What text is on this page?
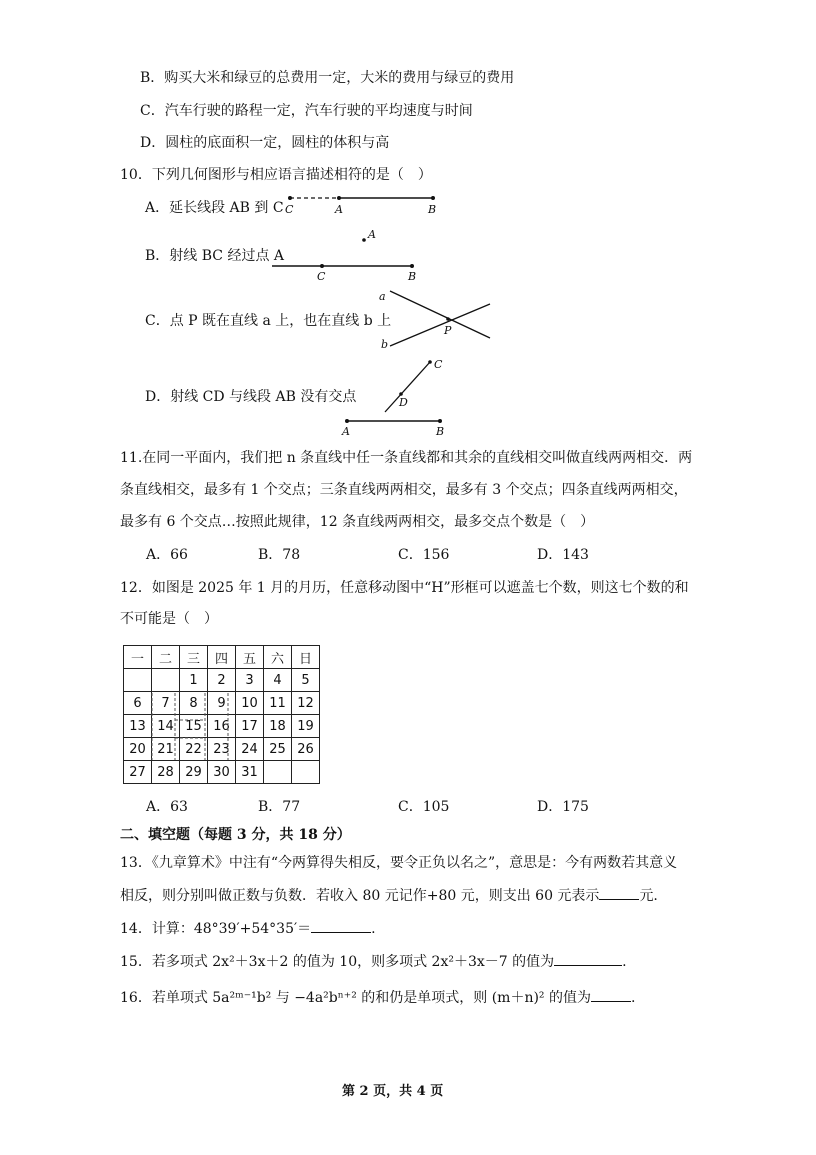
B．购买大米和绿豆的总费用一定，大米的费用与绿豆的费用
C．汽车行驶的路程一定，汽车行驶的平均速度与时间
D．圆柱的底面积一定，圆柱的体积与高
10．下列几何图形与相应语言描述相符的是（　）
A．延长线段 AB 到 C
B．射线 BC 经过点 A
C．点 P 既在直线 a 上，也在直线 b 上
D．射线 CD 与线段 AB 没有交点
C	A	B
A
C	B
a
b
P
C
D
A	B
11.在同一平面内，我们把 n 条直线中任一条直线都和其余的直线相交叫做直线两两相交．两
条直线相交，最多有 1 个交点；三条直线两两相交，最多有 3 个交点；四条直线两两相交，
最多有 6 个交点…按照此规律，12 条直线两两相交，最多交点个数是（　）
A．66	B．78	C．156	D．143
12．如图是 2025 年 1 月的月历，任意移动图中“H”形框可以遮盖七个数，则这七个数的和
不可能是（　）
一	二	三	四	五	六	日
		1	2	3	4	5
6	7	8	9	10	11	12
13	14	15	16	17	18	19
20	21	22	23	24	25	26
27	28	29	30	31		
A．63	B．77	C．105	D．175
二、填空题（每题 3 分，共 18 分）
13．《九章算术》中注有“今两算得失相反，要令正负以名之”，意思是：今有两数若其意义
相反，则分别叫做正数与负数．若收入 80 元记作+80 元，则支出 60 元表示	元.
14．计算：48°39′+54°35′＝	.
15．若多项式 2x²＋3x＋2 的值为 10，则多项式 2x²＋3x－7 的值为	.
16．若单项式 5a²ᵐ⁻¹b² 与 −4a²bⁿ⁺² 的和仍是单项式，则 (m＋n)² 的值为	.
第 2 页，共 4 页
